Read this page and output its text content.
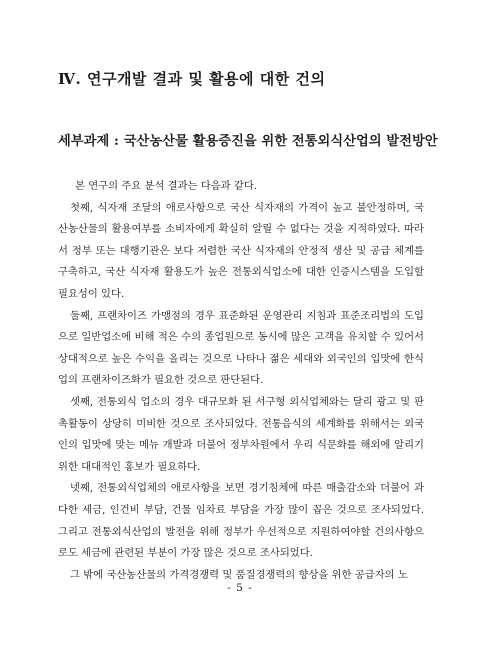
Ⅳ. 연구개발 결과 및 활용에 대한 건의
세부과제 : 국산농산물 활용증진을 위한 전통외식산업의 발전방안

본 연구의 주요 분석 결과는 다음과 같다.

첫째, 식자재 조달의 애로사항으로 국산 식자재의 가격이 높고 불안정하며, 국산농산물의 활용여부를 소비자에게 확실히 알릴 수 없다는 것을 지적하였다. 따라서 정부 또는 대행기관은 보다 저렴한 국산 식자재의 안정적 생산 및 공급 체계를 구축하고, 국산 식자재 활용도가 높은 전통외식업소에 대한 인증시스템을 도입할 필요성이 있다.

둘째, 프랜차이즈 가맹점의 경우 표준화된 운영관리 지침과 표준조리법의 도입으로 일반업소에 비해 적은 수의 종업원으로 동시에 많은 고객을 유치할 수 있어서 상대적으로 높은 수익을 올리는 것으로 나타나 젊은 세대와 외국인의 입맛에 한식업의 프랜차이즈화가 필요한 것으로 판단된다.

셋째, 전통외식 업소의 경우 대규모화 된 서구형 외식업체와는 달리 광고 및 판촉활동이 상당히 미비한 것으로 조사되었다. 전통음식의 세계화를 위해서는 외국인의 입맛에 맞는 메뉴 개발과 더불어 정부차원에서 우리 식문화를 해외에 알리기 위한 대대적인 홍보가 필요하다.

넷째, 전통외식업체의 애로사항을 보면 경기침체에 따른 매출감소와 더불어 과다한 세금, 인건비 부담, 건물 임차료 부담을 가장 많이 꼽은 것으로 조사되었다. 그리고 전통외식산업의 발전을 위해 정부가 우선적으로 지원하여야할 건의사항으로도 세금에 관련된 부분이 가장 많은 것으로 조사되었다.

그 밖에 국산농산물의 가격경쟁력 및 품질경쟁력의 향상을 위한 공급자의 노

- 5 -
